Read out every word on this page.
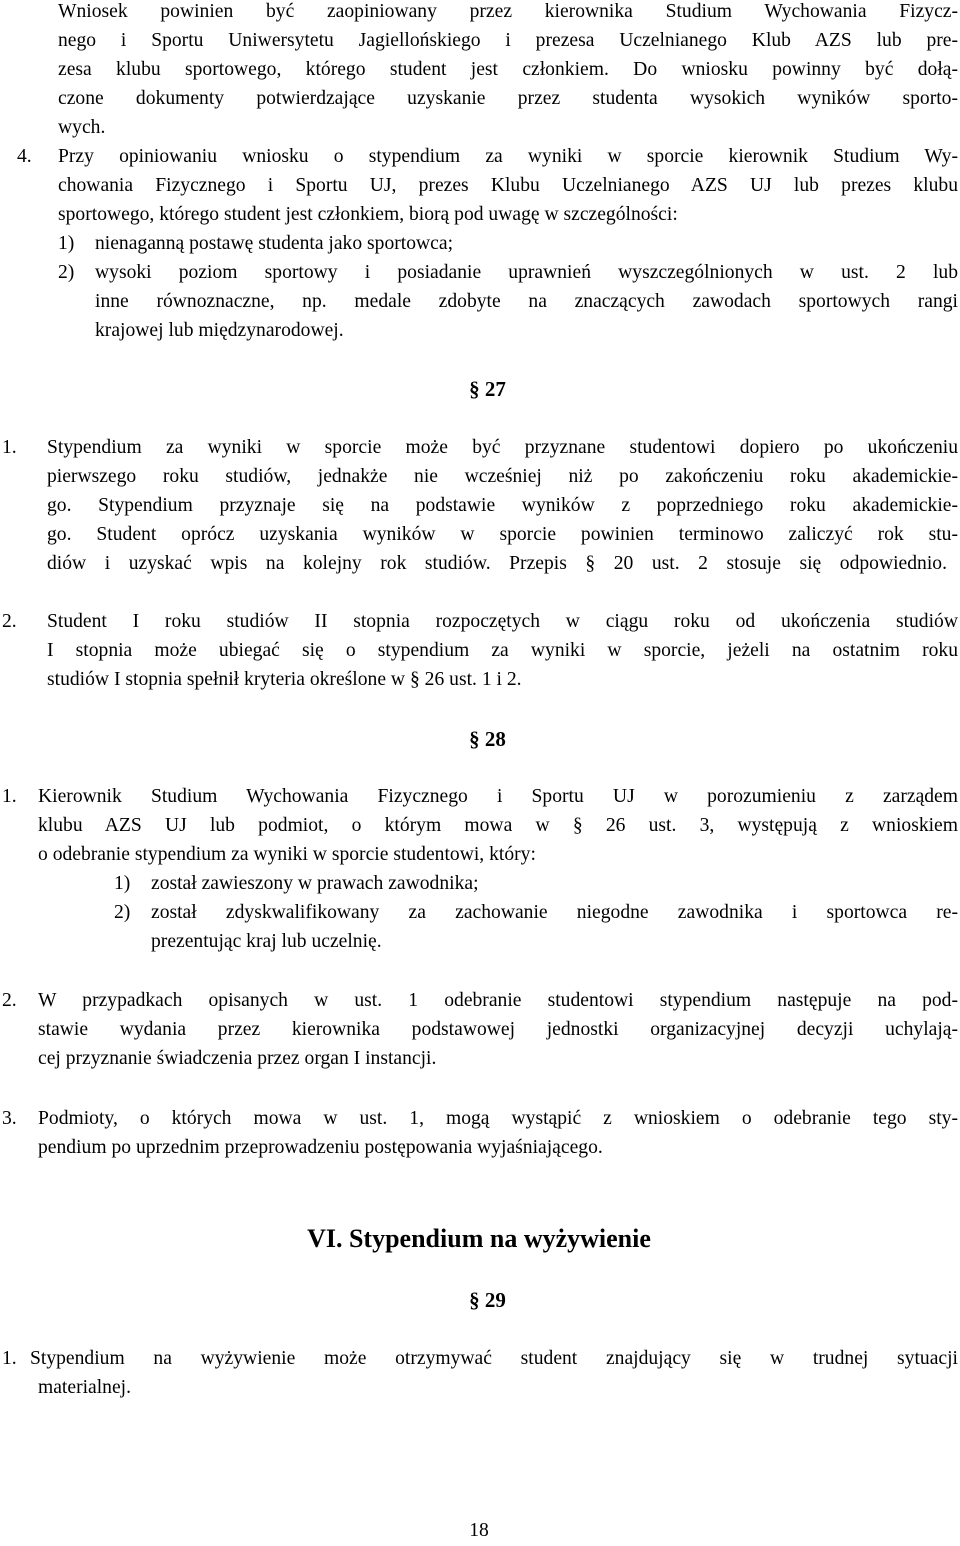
Wniosek powinien być zaopiniowany przez kierownika Studium Wychowania Fizycz-
nego i Sportu Uniwersytetu Jagiellońskiego i prezesa Uczelnianego Klub AZS lub pre-
zesa klubu sportowego, którego student jest członkiem. Do wniosku powinny być dołą-
czone dokumenty potwierdzające uzyskanie przez studenta wysokich wyników sporto-
wych.
4. Przy opiniowaniu wniosku o stypendium za wyniki w sporcie kierownik Studium Wy-
chowania Fizycznego i Sportu UJ, prezes Klubu Uczelnianego AZS UJ lub prezes klubu
sportowego, którego student jest członkiem, biorą pod uwagę w szczególności:
1) nienaganną postawę studenta jako sportowca;
2) wysoki poziom sportowy i posiadanie uprawnień wyszczególnionych w ust. 2 lub
inne równoznaczne, np. medale zdobyte na znaczących zawodach sportowych rangi
krajowej lub międzynarodowej.
§ 27
1. Stypendium za wyniki w sporcie może być przyznane studentowi dopiero po ukończeniu
pierwszego roku studiów, jednakże nie wcześniej niż po zakończeniu roku akademickie-
go. Stypendium przyznaje się na podstawie wyników z poprzedniego roku akademickie-
go. Student oprócz uzyskania wyników w sporcie powinien terminowo zaliczyć rok stu-
diów i uzyskać wpis na kolejny rok studiów. Przepis § 20 ust. 2 stosuje się odpowiednio.
2. Student I roku studiów II stopnia rozpoczętych w ciągu roku od ukończenia studiów
I stopnia może ubiegać się o stypendium za wyniki w sporcie, jeżeli na ostatnim roku
studiów I stopnia spełnił kryteria określone w § 26 ust. 1 i 2.
§ 28
1. Kierownik Studium Wychowania Fizycznego i Sportu UJ w porozumieniu z zarządem
klubu AZS UJ lub podmiot, o którym mowa w § 26 ust. 3, występują z wnioskiem
o odebranie stypendium za wyniki w sporcie studentowi, który:
1) został zawieszony w prawach zawodnika;
2) został zdyskwalifikowany za zachowanie niegodne zawodnika i sportowca re-
prezentując kraj lub uczelnię.
2. W przypadkach opisanych w ust. 1 odebranie studentowi stypendium następuje na pod-
stawie wydania przez kierownika podstawowej jednostki organizacyjnej decyzji uchylają-
cej przyznanie świadczenia przez organ I instancji.
3. Podmioty, o których mowa w ust. 1, mogą wystąpić z wnioskiem o odebranie tego sty-
pendium po uprzednim przeprowadzeniu postępowania wyjaśniającego.
VI. Stypendium na wyżywienie
§ 29
1. Stypendium na wyżywienie może otrzymywać student znajdujący się w trudnej sytuacji
materialnej.
18
